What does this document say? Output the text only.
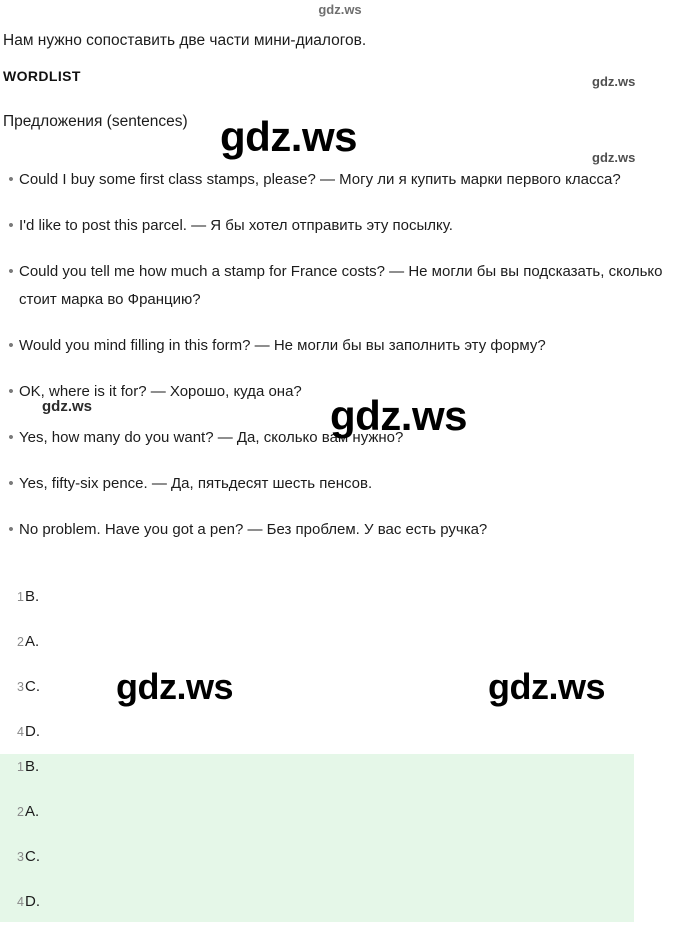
gdz.ws
Нам нужно сопоставить две части мини-диалогов.
WORDLIST
Предложения (sentences)
• Could I buy some first class stamps, please? — Могу ли я купить марки первого класса?
• I'd like to post this parcel. — Я бы хотел отправить эту посылку.
• Could you tell me how much a stamp for France costs? — Не могли бы вы подсказать, сколько стоит марка во Францию?
• Would you mind filling in this form? — Не могли бы вы заполнить эту форму?
• OK, where is it for? — Хорошо, куда она?
• Yes, how many do you want? — Да, сколько вам нужно?
• Yes, fifty-six pence. — Да, пятьдесят шесть пенсов.
• No problem. Have you got a pen? — Без проблем. У вас есть ручка?
1 B.
2 A.
3 C.
4 D.
1 B.
2 A.
3 C.
4 D.
gdz.ws
gdz.ws
gdz.ws	gdz.ws
gdz.ws
gdz.ws
gdz.ws
